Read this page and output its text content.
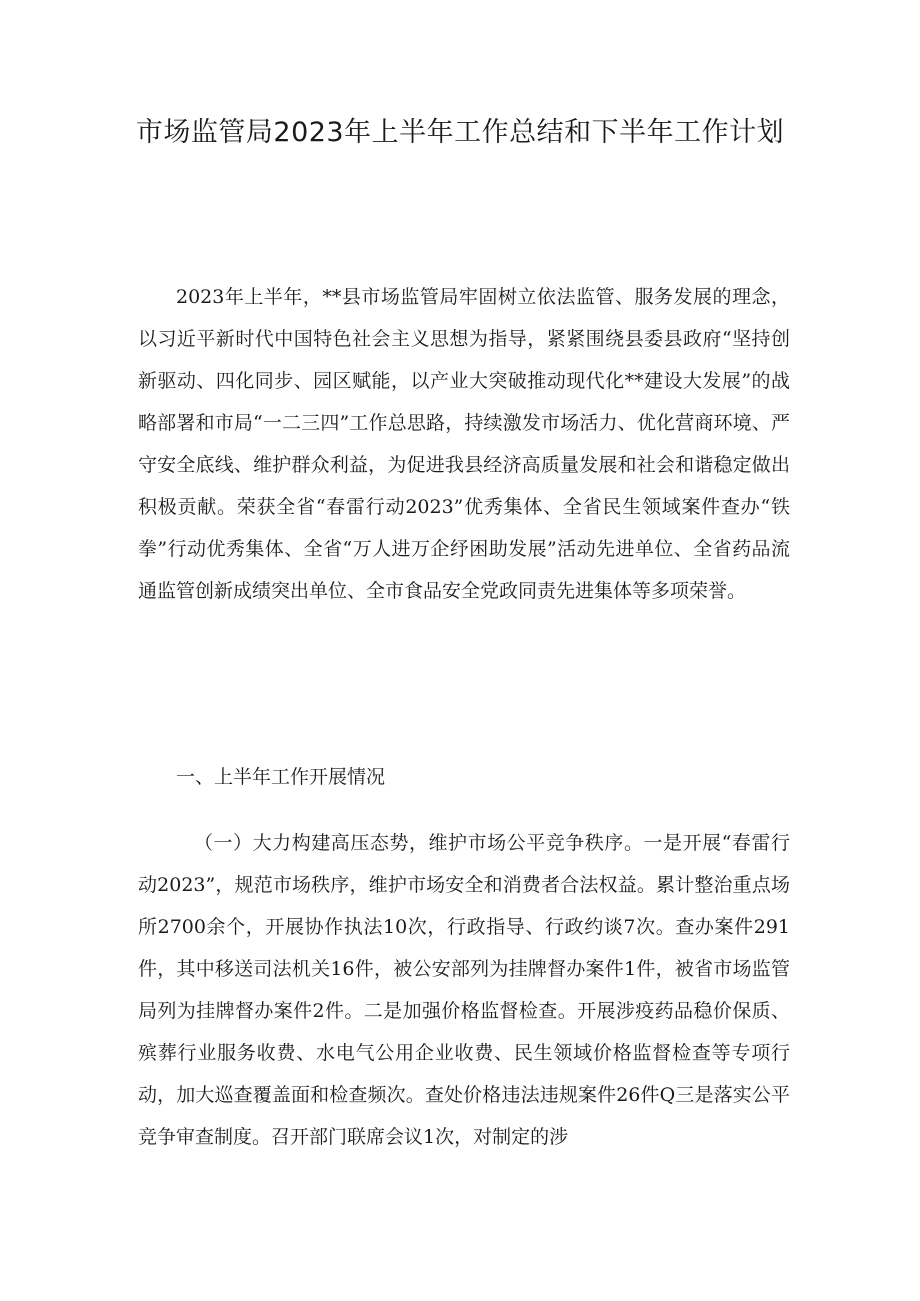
市场监管局2023年上半年工作总结和下半年工作计划

2023年上半年，**县市场监管局牢固树立依法监管、服务发展的理念，以习近平新时代中国特色社会主义思想为指导，紧紧围绕县委县政府“坚持创新驱动、四化同步、园区赋能，以产业大突破推动现代化**建设大发展”的战略部署和市局“一二三四”工作总思路，持续激发市场活力、优化营商环境、严守安全底线、维护群众利益，为促进我县经济高质量发展和社会和谐稳定做出积极贡献。荣获全省“春雷行动2023”优秀集体、全省民生领域案件查办“铁拳”行动优秀集体、全省“万人进万企纾困助发展”活动先进单位、全省药品流通监管创新成绩突出单位、全市食品安全党政同责先进集体等多项荣誉。

一、上半年工作开展情况

（一）大力构建高压态势，维护市场公平竞争秩序。一是开展“春雷行动2023”，规范市场秩序，维护市场安全和消费者合法权益。累计整治重点场所2700余个，开展协作执法10次，行政指导、行政约谈7次。查办案件291件，其中移送司法机关16件，被公安部列为挂牌督办案件1件，被省市场监管局列为挂牌督办案件2件。二是加强价格监督检查。开展涉疫药品稳价保质、殡葬行业服务收费、水电气公用企业收费、民生领域价格监督检查等专项行动，加大巡查覆盖面和检查频次。查处价格违法违规案件26件Q三是落实公平竞争审查制度。召开部门联席会议1次，对制定的涉
